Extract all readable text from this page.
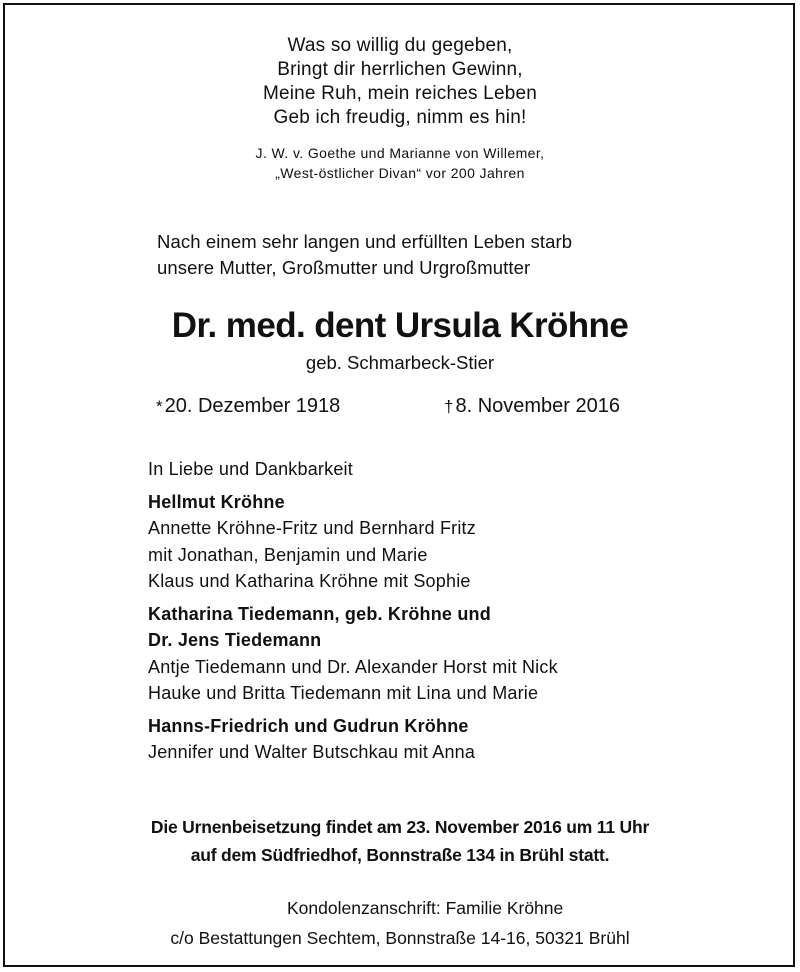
Was so willig du gegeben,
Bringt dir herrlichen Gewinn,
Meine Ruh, mein reiches Leben
Geb ich freudig, nimm es hin!
J. W. v. Goethe und Marianne von Willemer,
„West-östlicher Divan“ vor 200 Jahren
Nach einem sehr langen und erfüllten Leben starb
unsere Mutter, Großmutter und Urgroßmutter
Dr. med. dent Ursula Kröhne
geb. Schmarbeck-Stier
* 20. Dezember 1918	† 8. November 2016
In Liebe und Dankbarkeit
Hellmut Kröhne
Annette Kröhne-Fritz und Bernhard Fritz
mit Jonathan, Benjamin und Marie
Klaus und Katharina Kröhne mit Sophie
Katharina Tiedemann, geb. Kröhne und
Dr. Jens Tiedemann
Antje Tiedemann und Dr. Alexander Horst mit Nick
Hauke und Britta Tiedemann mit Lina und Marie
Hanns-Friedrich und Gudrun Kröhne
Jennifer und Walter Butschkau mit Anna
Die Urnenbeisetzung findet am 23. November 2016 um 11 Uhr
auf dem Südfriedhof, Bonnstraße 134 in Brühl statt.
Kondolenzanschrift: Familie Kröhne
c/o Bestattungen Sechtem, Bonnstraße 14-16, 50321 Brühl
